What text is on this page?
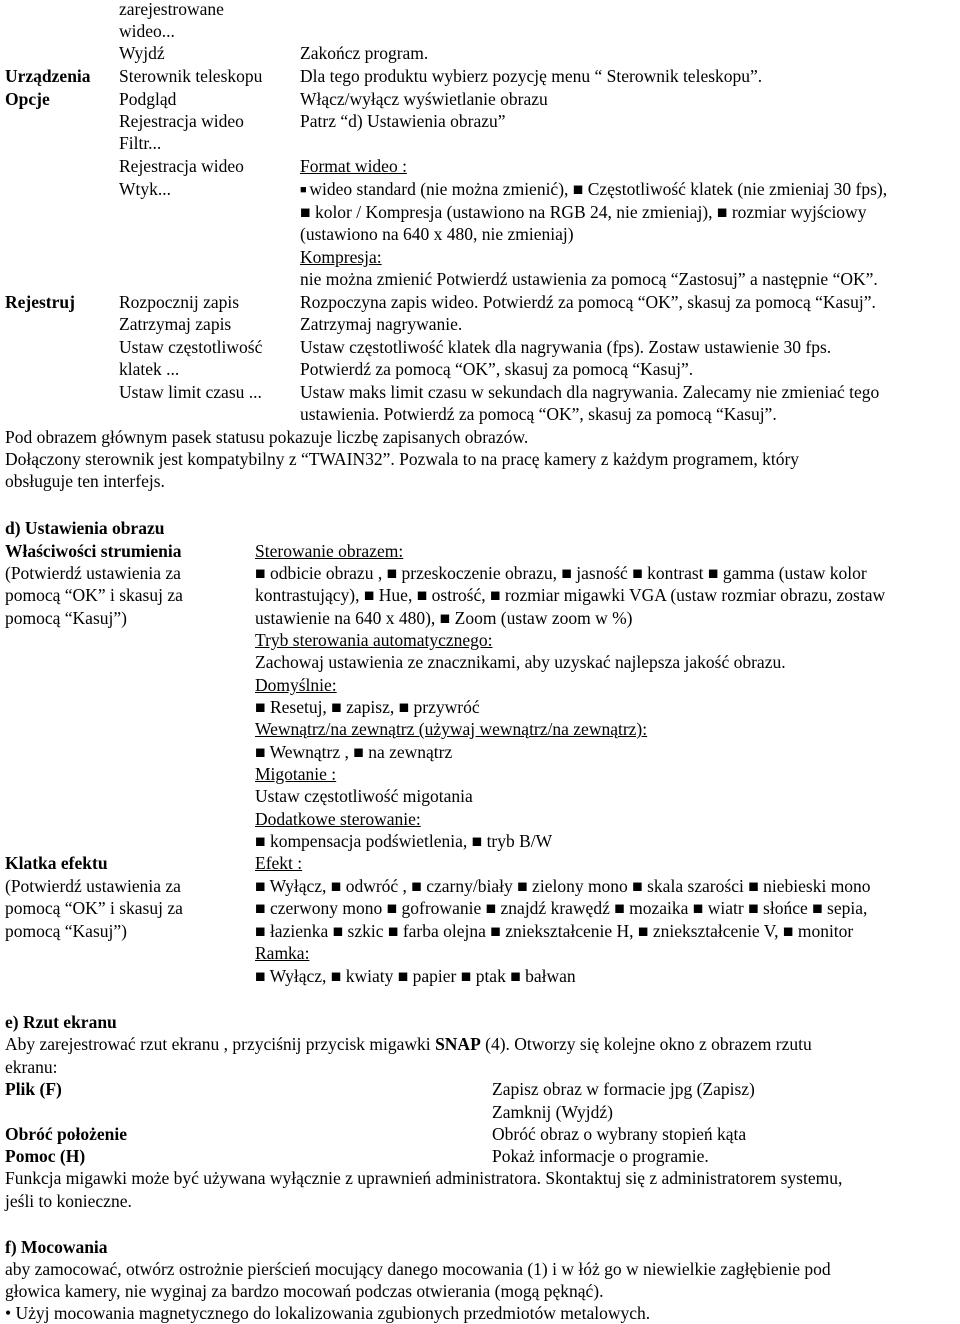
zarejestrowane
wideo...
Wyjdź	Zakończ program.
Urządzenia Sterownik teleskopu Dla tego produktu wybierz pozycję menu “ Sterownik teleskopu”.
Opcje	Podgląd	Włącz/wyłącz wyświetlanie obrazu
Rejestracja wideo	Patrz “d) Ustawienia obrazu”
Filtr...
Rejestracja wideo	Format wideo :
Wtyk...
■	wideo standard (nie można zmienić), ■ Częstotliwość klatek (nie zmieniaj 30 fps),
■ kolor / Kompresja (ustawiono na RGB 24, nie zmieniaj), ■ rozmiar wyjściowy
(ustawiono na 640 x 480, nie zmieniaj)
Kompresja:
nie można zmienić Potwierdź ustawienia za pomocą “Zastosuj” a następnie “OK”.
Rejestruj	Rozpocznij zapis	Rozpoczyna zapis wideo. Potwierdź za pomocą “OK”, skasuj za pomocą “Kasuj”.
Zatrzymaj zapis	Zatrzymaj nagrywanie.
Ustaw częstotliwość Ustaw częstotliwość klatek dla nagrywania (fps). Zostaw ustawienie 30 fps.
klatek ...	Potwierdź za pomocą “OK”, skasuj za pomocą “Kasuj”.
Ustaw limit czasu ... Ustaw maks limit czasu w sekundach dla nagrywania. Zalecamy nie zmieniać tego
ustawienia. Potwierdź za pomocą “OK”, skasuj za pomocą “Kasuj”.
Pod obrazem głównym pasek statusu pokazuje liczbę zapisanych obrazów.
Dołączony sterownik jest kompatybilny z “TWAIN32”. Pozwala to na pracę kamery z każdym programem, który
obsługuje ten interfejs.
d) Ustawienia obrazu
Właściwości strumienia
(Potwierdź ustawienia za
pomocą “OK” i skasuj za
pomocą “Kasuj”)
Sterowanie obrazem:
■ odbicie obrazu , ■ przeskoczenie obrazu, ■ jasność ■ kontrast ■ gamma (ustaw kolor
kontrastujący), ■ Hue, ■ ostrość, ■ rozmiar migawki VGA (ustaw rozmiar obrazu, zostaw
ustawienie na 640 x 480), ■ Zoom (ustaw zoom w %)
Tryb sterowania automatycznego:
Zachowaj ustawienia ze znacznikami, aby uzyskać najlepsza jakość obrazu.
Domyślnie:
■ Resetuj, ■ zapisz, ■ przywróć
Wewnątrz/na zewnątrz (używaj wewnątrz/na zewnątrz):
■ Wewnątrz , ■ na zewnątrz
Migotanie :
Ustaw częstotliwość migotania
Dodatkowe sterowanie:
■ kompensacja podświetlenia, ■ tryb B/W
Klatka efektu
(Potwierdź ustawienia za
pomocą “OK” i skasuj za
pomocą “Kasuj”)
Efekt :
■ Wyłącz, ■ odwróć , ■ czarny/biały ■ zielony mono ■ skala szarości ■ niebieski mono
■ czerwony mono ■ gofrowanie ■ znajdź krawędź ■ mozaika ■ wiatr ■ słońce ■ sepia,
■ łazienka ■ szkic ■ farba olejna ■ zniekształcenie H, ■ zniekształcenie V, ■ monitor
Ramka:
■ Wyłącz, ■ kwiaty ■ papier ■ ptak ■ bałwan
e) Rzut ekranu
Aby zarejestrować rzut ekranu , przyciśnij przycisk migawki SNAP (4). Otworzy się kolejne okno z obrazem rzutu
ekranu:
Plik (F)	Zapisz obraz w formacie jpg (Zapisz)
Zamknij (Wyjdź)
Obróć położenie	Obróć obraz o wybrany stopień kąta
Pomoc (H)	Pokaż informacje o programie.
Funkcja migawki może być używana wyłącznie z uprawnień administratora. Skontaktuj się z administratorem systemu,
jeśli to konieczne.
f) Mocowania
aby zamocować, otwórz ostrożnie pierścień mocujący danego mocowania (1) i w łóż go w niewielkie zagłębienie pod
głowica kamery, nie wyginaj za bardzo mocowań podczas otwierania (mogą pęknąć).
• Użyj mocowania magnetycznego do lokalizowania zgubionych przedmiotów metalowych.
